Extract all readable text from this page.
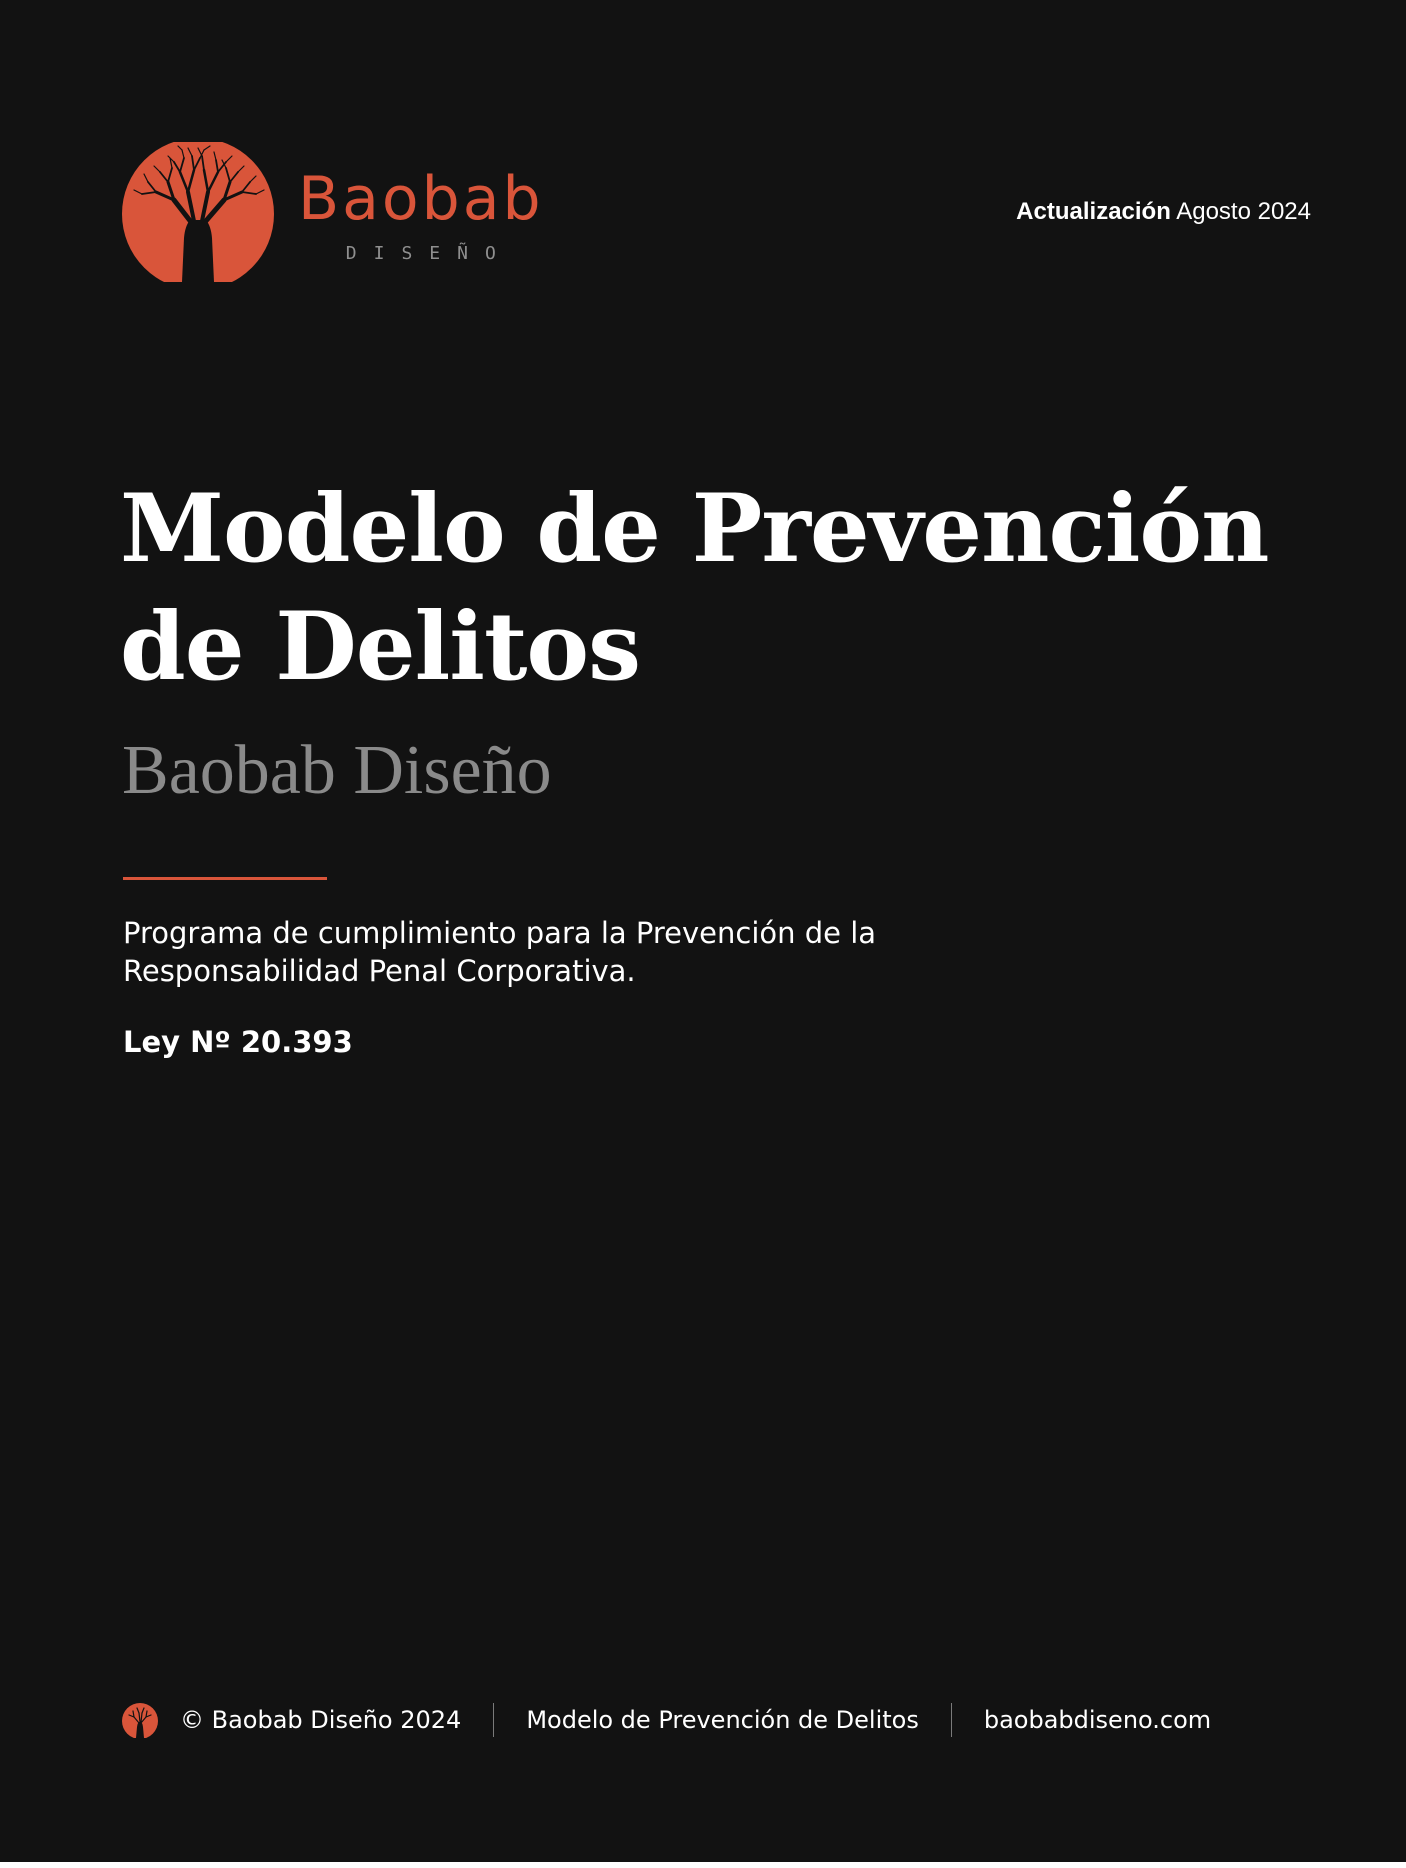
Baobab
DISEÑO
Actualización Agosto 2024
Modelo de Prevención
de Delitos
Baobab Diseño

Programa de cumplimiento para la Prevención de la Responsabilidad Penal Corporativa.

Ley Nº 20.393
© Baobab Diseño 2024	Modelo de Prevención de Delitos	baobabdiseno.com
